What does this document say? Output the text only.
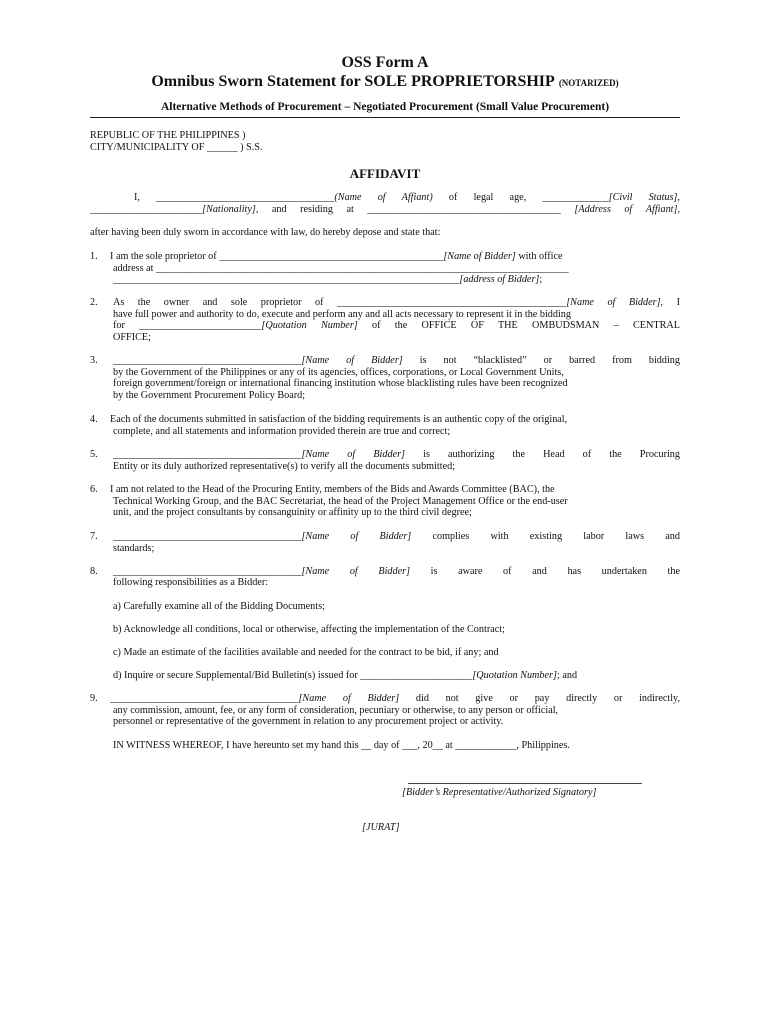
OSS Form A
Omnibus Sworn Statement for SOLE PROPRIETORSHIP (NOTARIZED)
Alternative Methods of Procurement – Negotiated Procurement (Small Value Procurement)
REPUBLIC OF THE PHILIPPINES )
CITY/MUNICIPALITY OF ______ ) S.S.
AFFIDAVIT
I, ___________________________________(Name of Affiant) of legal age, _____________[Civil Status],
______________________[Nationality], and residing at ______________________________________ [Address of Affiant],
after having been duly sworn in accordance with law, do hereby depose and state that:
1. I am the sole proprietor of ____________________________________________[Name of Bidder] with office
address at _________________________________________________________________________________
____________________________________________________________________[address of Bidder];
2. As the owner and sole proprietor of _____________________________________________[Name of Bidder], I
have full power and authority to do, execute and perform any and all acts necessary to represent it in the bidding
for ________________________[Quotation Number] of the OFFICE OF THE OMBUDSMAN – CENTRAL
OFFICE;
3. _____________________________________[Name of Bidder] is not “blacklisted” or barred from bidding
by the Government of the Philippines or any of its agencies, offices, corporations, or Local Government Units,
foreign government/foreign or international financing institution whose blacklisting rules have been recognized
by the Government Procurement Policy Board;
4. Each of the documents submitted in satisfaction of the bidding requirements is an authentic copy of the original,
complete, and all statements and information provided therein are true and correct;
5. _____________________________________[Name of Bidder] is authorizing the Head of the Procuring
Entity or its duly authorized representative(s) to verify all the documents submitted;
6. I am not related to the Head of the Procuring Entity, members of the Bids and Awards Committee (BAC), the
Technical Working Group, and the BAC Secretariat, the head of the Project Management Office or the end-user
unit, and the project consultants by consanguinity or affinity up to the third civil degree;
7. _____________________________________[Name of Bidder] complies with existing labor laws and
standards;
8. _____________________________________[Name of Bidder] is aware of and has undertaken the
following responsibilities as a Bidder:
a) Carefully examine all of the Bidding Documents;
b) Acknowledge all conditions, local or otherwise, affecting the implementation of the Contract;
c) Made an estimate of the facilities available and needed for the contract to be bid, if any; and
d) Inquire or secure Supplemental/Bid Bulletin(s) issued for ______________________[Quotation Number]; and
9. _____________________________________[Name of Bidder] did not give or pay directly or indirectly,
any commission, amount, fee, or any form of consideration, pecuniary or otherwise, to any person or official,
personnel or representative of the government in relation to any procurement project or activity.
IN WITNESS WHEREOF, I have hereunto set my hand this __ day of ___, 20__ at ____________, Philippines.
[Bidder’s Representative/Authorized Signatory]
[JURAT]
